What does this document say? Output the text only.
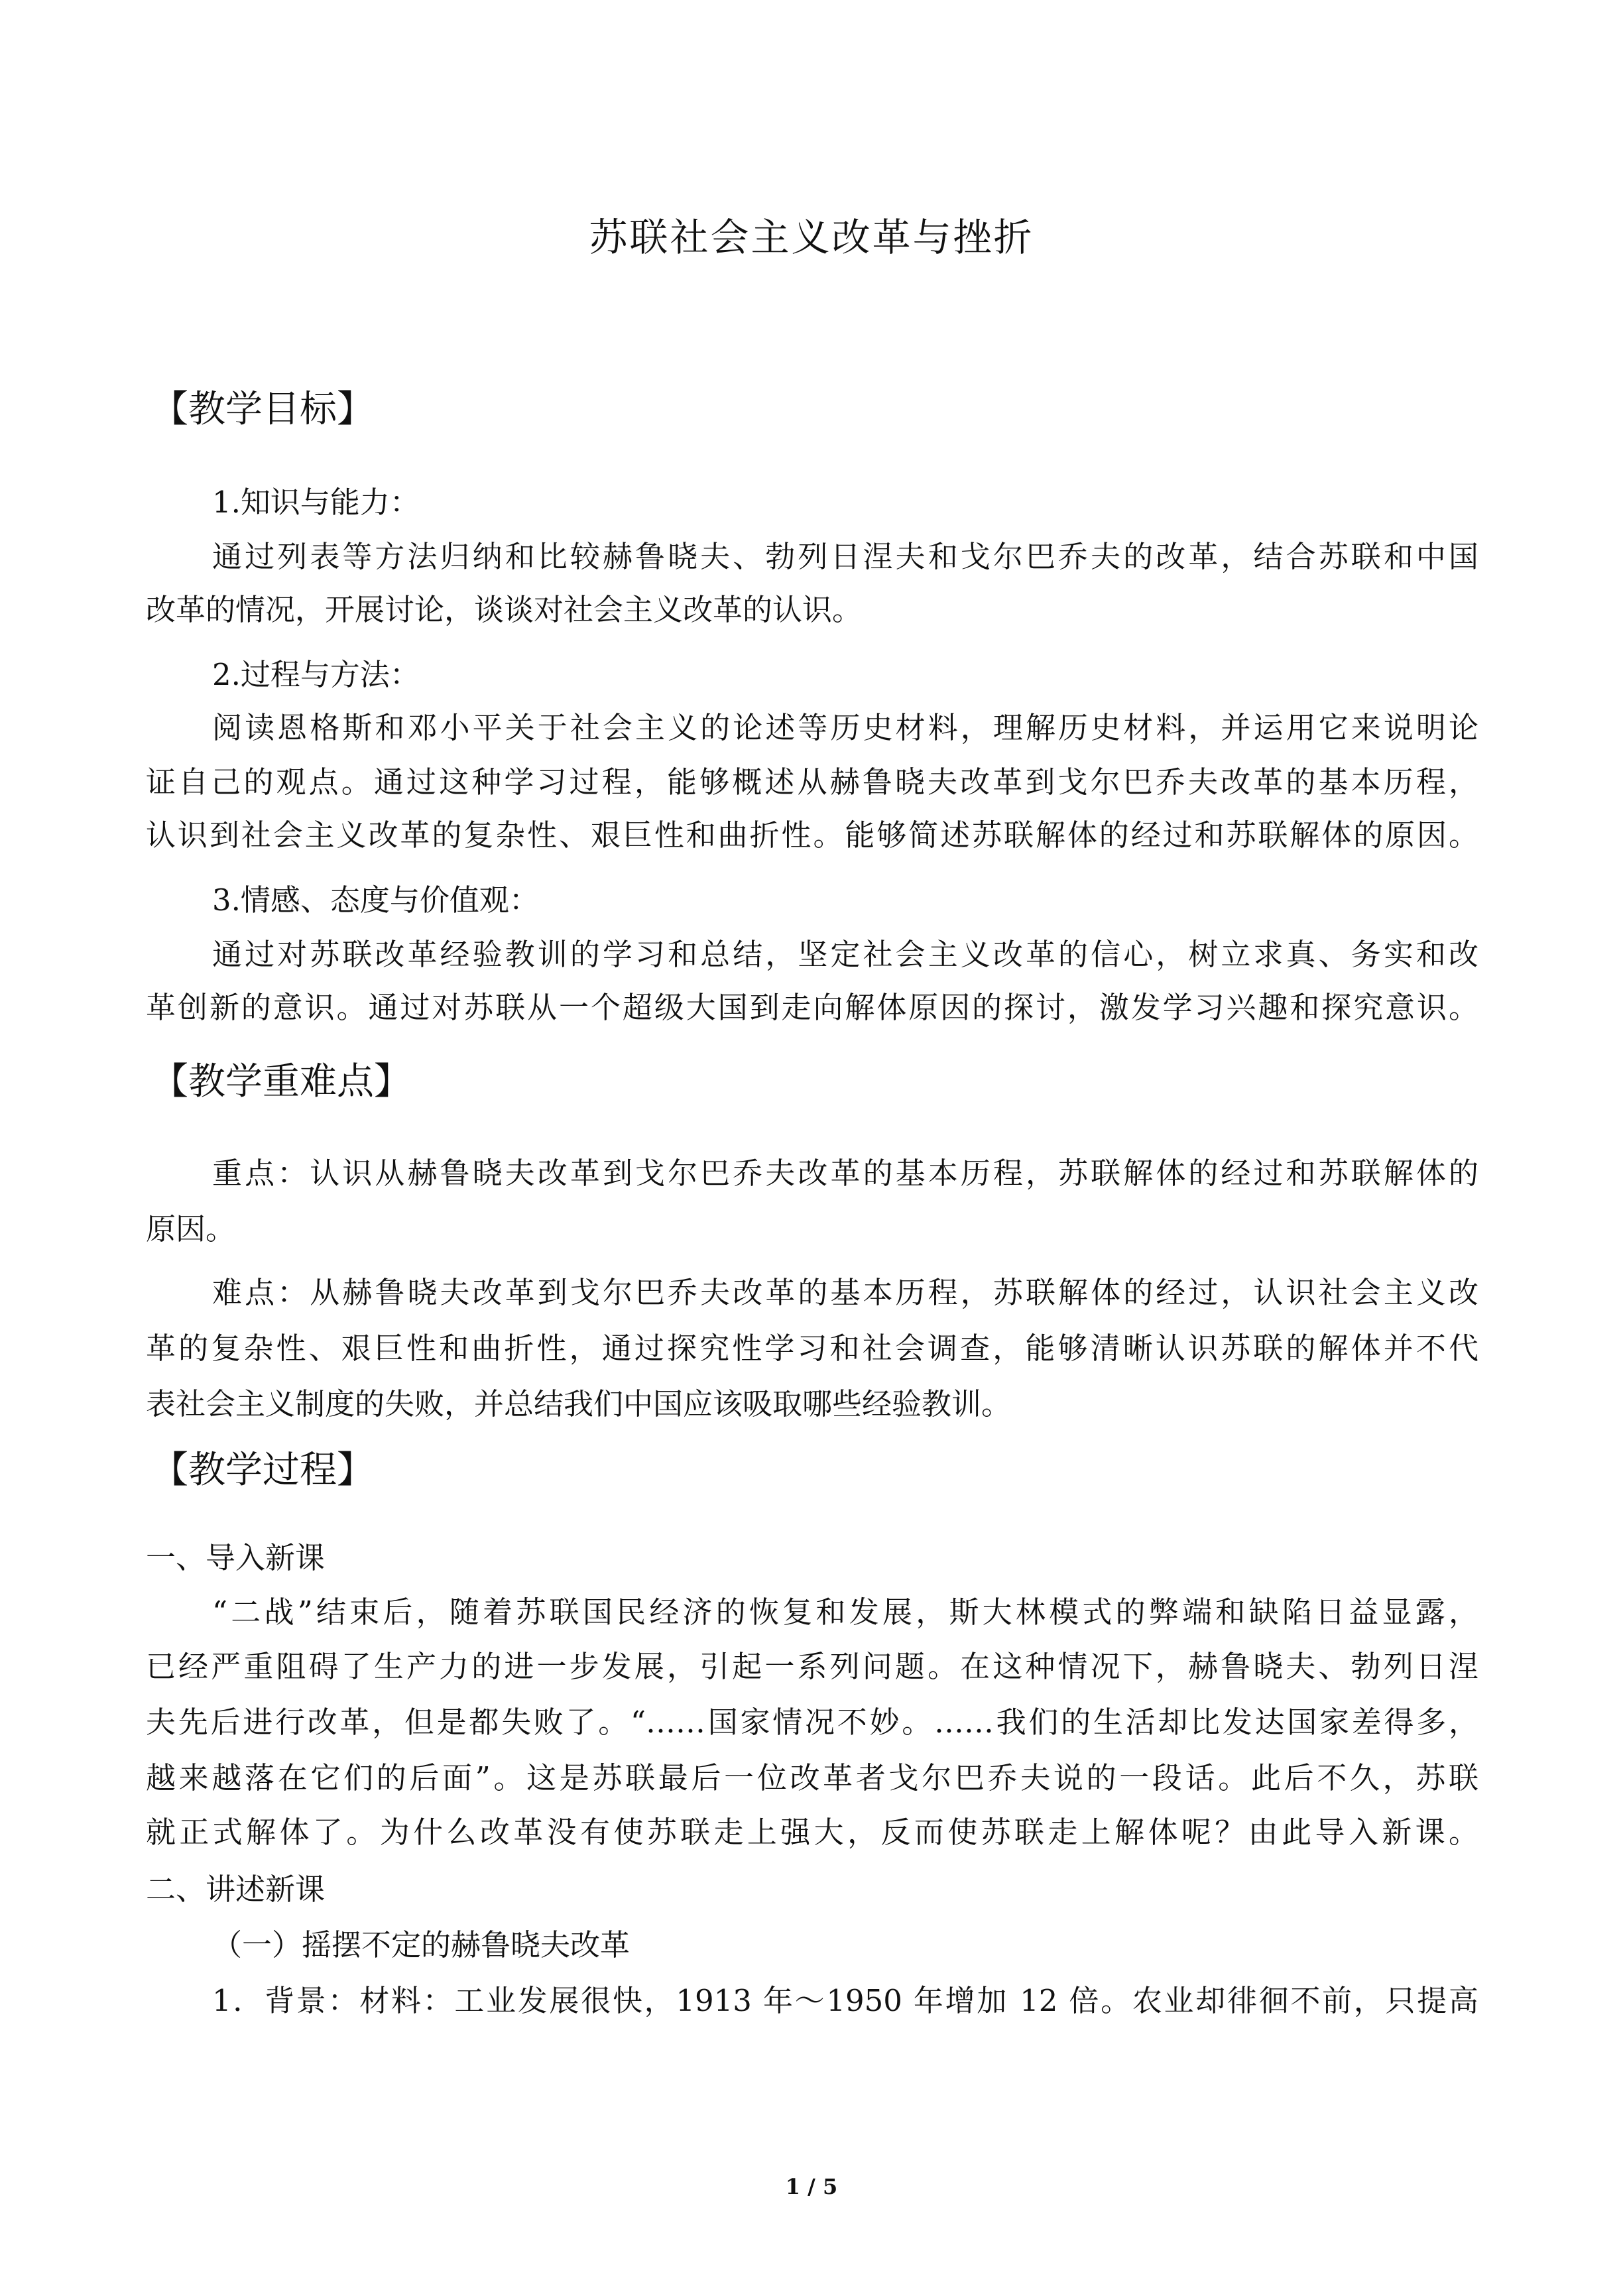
苏联社会主义改革与挫折
【教学目标】
1.知识与能力：
通过列表等方法归纳和比较赫鲁晓夫、勃列日涅夫和戈尔巴乔夫的改革，结合苏联和中国
改革的情况，开展讨论，谈谈对社会主义改革的认识。
2.过程与方法：
阅读恩格斯和邓小平关于社会主义的论述等历史材料，理解历史材料，并运用它来说明论
证自己的观点。通过这种学习过程，能够概述从赫鲁晓夫改革到戈尔巴乔夫改革的基本历程，
认识到社会主义改革的复杂性、艰巨性和曲折性。能够简述苏联解体的经过和苏联解体的原因。
3.情感、态度与价值观：
通过对苏联改革经验教训的学习和总结，坚定社会主义改革的信心，树立求真、务实和改
革创新的意识。通过对苏联从一个超级大国到走向解体原因的探讨，激发学习兴趣和探究意识。
【教学重难点】
重点：认识从赫鲁晓夫改革到戈尔巴乔夫改革的基本历程，苏联解体的经过和苏联解体的
原因。
难点：从赫鲁晓夫改革到戈尔巴乔夫改革的基本历程，苏联解体的经过，认识社会主义改
革的复杂性、艰巨性和曲折性，通过探究性学习和社会调查，能够清晰认识苏联的解体并不代
表社会主义制度的失败，并总结我们中国应该吸取哪些经验教训。
【教学过程】
一、导入新课
“二战”结束后，随着苏联国民经济的恢复和发展，斯大林模式的弊端和缺陷日益显露，
已经严重阻碍了生产力的进一步发展，引起一系列问题。在这种情况下，赫鲁晓夫、勃列日涅
夫先后进行改革，但是都失败了。“……国家情况不妙。……我们的生活却比发达国家差得多，
越来越落在它们的后面”。这是苏联最后一位改革者戈尔巴乔夫说的一段话。此后不久，苏联
就正式解体了。为什么改革没有使苏联走上强大，反而使苏联走上解体呢？由此导入新课。
二、讲述新课
（一）摇摆不定的赫鲁晓夫改革
1．背景：材料：工业发展很快，1913 年～1950 年增加 12 倍。农业却徘徊不前，只提高
1 / 5
